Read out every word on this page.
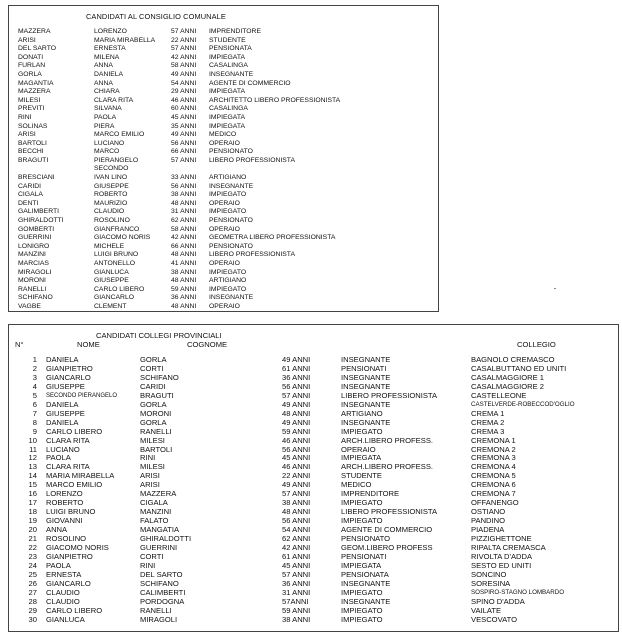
CANDIDATI AL CONSIGLIO COMUNALE
MAZZERA	LORENZO	57 ANNI IMPRENDITORE
ARISI	MARIA MIRABELLA 22 ANNI STUDENTE
DEL SARTO	ERNESTA	57 ANNI PENSIONATA
DONATI	MILENA	42 ANNI IMPIEGATA
FURLAN	ANNA	58 ANNI CASALINGA
GORLA	DANIELA	49 ANNI INSEGNANTE
MAGANTIA	ANNA	54 ANNI AGENTE DI COMMERCIO
MAZZERA	CHIARA	29 ANNI IMPIEGATA
MILESI	CLARA RITA	46 ANNI ARCHITETTO LIBERO PROFESSIONISTA
PREVITI	SILVANA	60 ANNI CASALINGA
RINI	PAOLA	45 ANNI IMPIEGATA
SOLINAS	PIERA	35 ANNI IMPIEGATA
ARISI	MARCO EMILIO	49 ANNI MEDICO
BARTOLI	LUCIANO	56 ANNI OPERAIO
BECCHI	MARCO	66 ANNI PENSIONATO
BRAGUTI	PIERANGELO	57 ANNI LIBERO PROFESSIONISTA
SECONDO
BRESCIANI	IVAN LINO	33 ANNI ARTIGIANO
CARIDI	GIUSEPPE	56 ANNI INSEGNANTE
CIGALA	ROBERTO	38 ANNI IMPIEGATO
DENTI	MAURIZIO	48 ANNI OPERAIO
GALIMBERTI	CLAUDIO	31 ANNI IMPIEGATO
GHIRALDOTTI	ROSOLINO	62 ANNI PENSIONATO
GOMBERTI	GIANFRANCO	58 ANNI OPERAIO
GUERRINI	GIACOMO NORIS	42 ANNI GEOMETRA LIBERO PROFESSIONISTA
LONIGRO	MICHELE	66 ANNI PENSIONATO
MANZINI	LUIGI BRUNO	48 ANNI LIBERO PROFESSIONISTA
MARCIAS	ANTONELLO	41 ANNI OPERAIO
MIRAGOLI	GIANLUCA	38 ANNI IMPIEGATO
MORONI	GIUSEPPE	48 ANNI ARTIGIANO
RANELLI	CARLO LIBERO	59 ANNI IMPIEGATO
SCHIFANO	GIANCARLO	36 ANNI INSEGNANTE
VAGBE	CLEMENT	48 ANNI OPERAIO
CANDIDATI COLLEGI PROVINCIALI
N°	NOME	COGNOME	COLLEGIO
1 DANIELA	GORLA	49 ANNI	INSEGNANTE	BAGNOLO CREMASCO
2 GIANPIETRO	CORTI	61 ANNI	PENSIONATI	CASALBUTTANO ED UNITI
3 GIANCARLO	SCHIFANO	36 ANNI	INSEGNANTE	CASALMAGGIORE 1
4 GIUSEPPE	CARIDI	56 ANNI	INSEGNANTE	CASALMAGGIORE 2
5 SECONDO PIERANGELO	BRAGUTI	57 ANNI	LIBERO PROFESSIONISTA	CASTELLEONE
6 DANIELA	GORLA	49 ANNI	INSEGNANTE	CASTELVERDE-ROBECCOD'OGLIO
7 GIUSEPPE	MORONI	48 ANNI	ARTIGIANO	CREMA 1
8 DANIELA	GORLA	49 ANNI	INSEGNANTE	CREMA 2
9 CARLO LIBERO	RANELLI	59 ANNI	IMPIEGATO	CREMA 3
10 CLARA RITA	MILESI	46 ANNI	ARCH.LIBERO PROFESS.	CREMONA 1
11 LUCIANO	BARTOLI	56 ANNI	OPERAIO	CREMONA 2
12 PAOLA	RINI	45 ANNI	IMPIEGATA	CREMONA 3
13 CLARA RITA	MILESI	46 ANNI	ARCH.LIBERO PROFESS.	CREMONA 4
14 MARIA MIRABELLA	ARISI	22 ANNI	STUDENTE	CREMONA 5
15 MARCO EMILIO	ARISI	49 ANNI	MEDICO	CREMONA 6
16 LORENZO	MAZZERA	57 ANNI	IMPRENDITORE	CREMONA 7
17 ROBERTO	CIGALA	38 ANNI	IMPIEGATO	OFFANENGO
18 LUIGI BRUNO	MANZINI	48 ANNI	LIBERO PROFESSIONISTA	OSTIANO
19 GIOVANNI	FALATO	56 ANNI	IMPIEGATO	PANDINO
20 ANNA	MANGATIA	54 ANNI	AGENTE DI COMMERCIO	PIADENA
21 ROSOLINO	GHIRALDOTTI	62 ANNI	PENSIONATO	PIZZIGHETTONE
22 GIACOMO NORIS	GUERRINI	42 ANNI	GEOM.LIBERO PROFESS	RIPALTA CREMASCA
23 GIANPIETRO	CORTI	61 ANNI	PENSIONATI	RIVOLTA D'ADDA
24 PAOLA	RINI	45 ANNI	IMPIEGATA	SESTO ED UNITI
25 ERNESTA	DEL SARTO	57 ANNI	PENSIONATA	SONCINO
26 GIANCARLO	SCHIFANO	36 ANNI	INSEGNANTE	SORESINA
27 CLAUDIO	CALIMBERTI	31 ANNI	IMPIEGATO	SOSPIRO-STAGNO LOMBARDO
28 CLAUDIO	PORDOGNA	57ANNI	INSEGNANTE	SPINO D'ADDA
29 CARLO LIBERO	RANELLI	59 ANNI	IMPIEGATO	VAILATE
30 GIANLUCA	MIRAGOLI	38 ANNI	IMPIEGATO	VESCOVATO
